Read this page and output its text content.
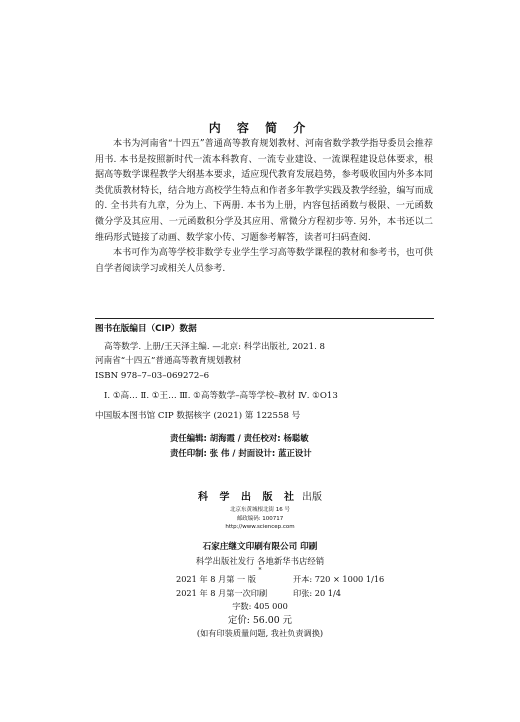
内 容 简 介

本书为河南省“十四五”普通高等教育规划教材、河南省数学教学指导委员会推荐用书. 本书是按照新时代一流本科教育、一流专业建设、一流课程建设总体要求，根据高等数学课程教学大纲基本要求，适应现代教育发展趋势，参考吸收国内外多本同类优质教材特长，结合地方高校学生特点和作者多年教学实践及教学经验，编写而成的. 全书共有九章，分为上、下两册. 本书为上册，内容包括函数与极限、一元函数微分学及其应用、一元函数积分学及其应用、常微分方程初步等. 另外，本书还以二维码形式链接了动画、数学家小传、习题参考解答，读者可扫码查阅.

本书可作为高等学校非数学专业学生学习高等数学课程的教材和参考书，也可供自学者阅读学习或相关人员参考.

图书在版编目（CIP）数据
高等数学. 上册/王天泽主编. —北京: 科学出版社, 2021. 8
河南省“十四五”普通高等教育规划教材
ISBN 978–7–03–069272–6
Ⅰ. ①高… Ⅱ. ①王… Ⅲ. ①高等数学–高等学校–教材 Ⅳ. ①O13
中国版本图书馆 CIP 数据核字 (2021) 第 122558 号
责任编辑: 胡海霞 / 责任校对: 杨聪敏
责任印制: 张 伟 / 封面设计: 蓝正设计
科 学 出 版 社 出版
北京东黄城根北街 16 号
邮政编码: 100717
http://www.sciencep.com
石家庄继文印刷有限公司 印刷
科学出版社发行 各地新华书店经销
*
2021 年 8 月第 一 版	开本: 720 × 1000 1/16
2021 年 8 月第一次印刷	印张: 20 1/4
字数: 405 000
定价: 56.00 元
(如有印装质量问题, 我社负责调换)
